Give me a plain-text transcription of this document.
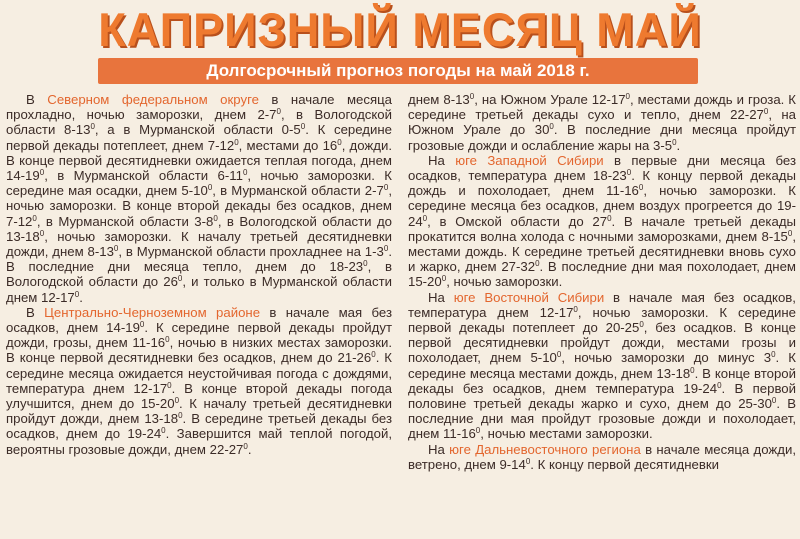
КАПРИЗНЫЙ МЕСЯЦ МАЙ
Долгосрочный прогноз погоды на май 2018 г.

В Северном федеральном округе в начале месяца прохладно, ночью заморозки, днем $2-7^0$, в Вологодской области $8-13^0$, а в Мурманской области $0-5^0$. К середине первой декады потеплеет, днем $7-12^0$, местами до $16^0$, дожди. В конце первой десятидневки ожидается теплая погода, днем $14-19^0$, в Мурманской области $6-11^0$, ночью заморозки. К середине мая осадки, днем $5-10^0$, в Мурманской области $2-7^0$, ночью заморозки. В конце второй декады без осадков, днем $7-12^0$, в Мурманской области $3-8^0$, в Вологодской области до $13-18^0$, ночью заморозки. К началу третьей десятидневки дожди, днем $8-13^0$, в Мурманской области прохладнее на $1-3^0$. В последние дни месяца тепло, днем до $18-23^0$, в Вологодской области до $26^0$, и только в Мурманской области днем $12-17^0$.

В Центрально-Черноземном районе в начале мая без осадков, днем $14-19^0$. К середине первой декады пройдут дожди, грозы, днем $11-16^0$, ночью в низких местах заморозки. В конце первой десятидневки без осадков, днем до $21-26^0$. К середине месяца ожидается неустойчивая погода с дождями, температура днем $12-17^0$. В конце второй декады погода улучшится, днем до $15-20^0$. К началу третьей десятидневки пройдут дожди, днем $13-18^0$. В середине третьей декады без осадков, днем до $19-24^0$. Завершится май теплой погодой, вероятны грозовые дожди, днем $22-27^0$.

днем $8-13^0$, на Южном Урале $12-17^0$, местами дождь и гроза. К середине третьей декады сухо и тепло, днем $22-27^0$, на Южном Урале до $30^0$. В последние дни месяца пройдут грозовые дожди и ослабление жары на $3-5^0$.

На юге Западной Сибири в первые дни месяца без осадков, температура днем $18-23^0$. К концу первой декады дождь и похолодает, днем $11-16^0$, ночью заморозки. К середине месяца без осадков, днем воздух прогреется до $19-24^0$, в Омской области до $27^0$. В начале третьей декады прокатится волна холода с ночными заморозками, днем $8-15^0$, местами дождь. К середине третьей десятидневки вновь сухо и жарко, днем $27-32^0$. В последние дни мая похолодает, днем $15-20^0$, ночью заморозки.

На юге Восточной Сибири в начале мая без осадков, температура днем $12-17^0$, ночью заморозки. К середине первой декады потеплеет до $20-25^0$, без осадков. В конце первой десятидневки пройдут дожди, местами грозы и похолодает, днем $5-10^0$, ночью заморозки до минус $3^0$. К середине месяца местами дождь, днем $13-18^0$. В конце второй декады без осадков, днем температура $19-24^0$. В первой половине третьей декады жарко и сухо, днем до $25-30^0$. В последние дни мая пройдут грозовые дожди и похолодает, днем $11-16^0$, ночью местами заморозки.

На юге Дальневосточного региона в начале месяца дожди, ветрено, днем $9-14^0$. К концу первой десятидневки
